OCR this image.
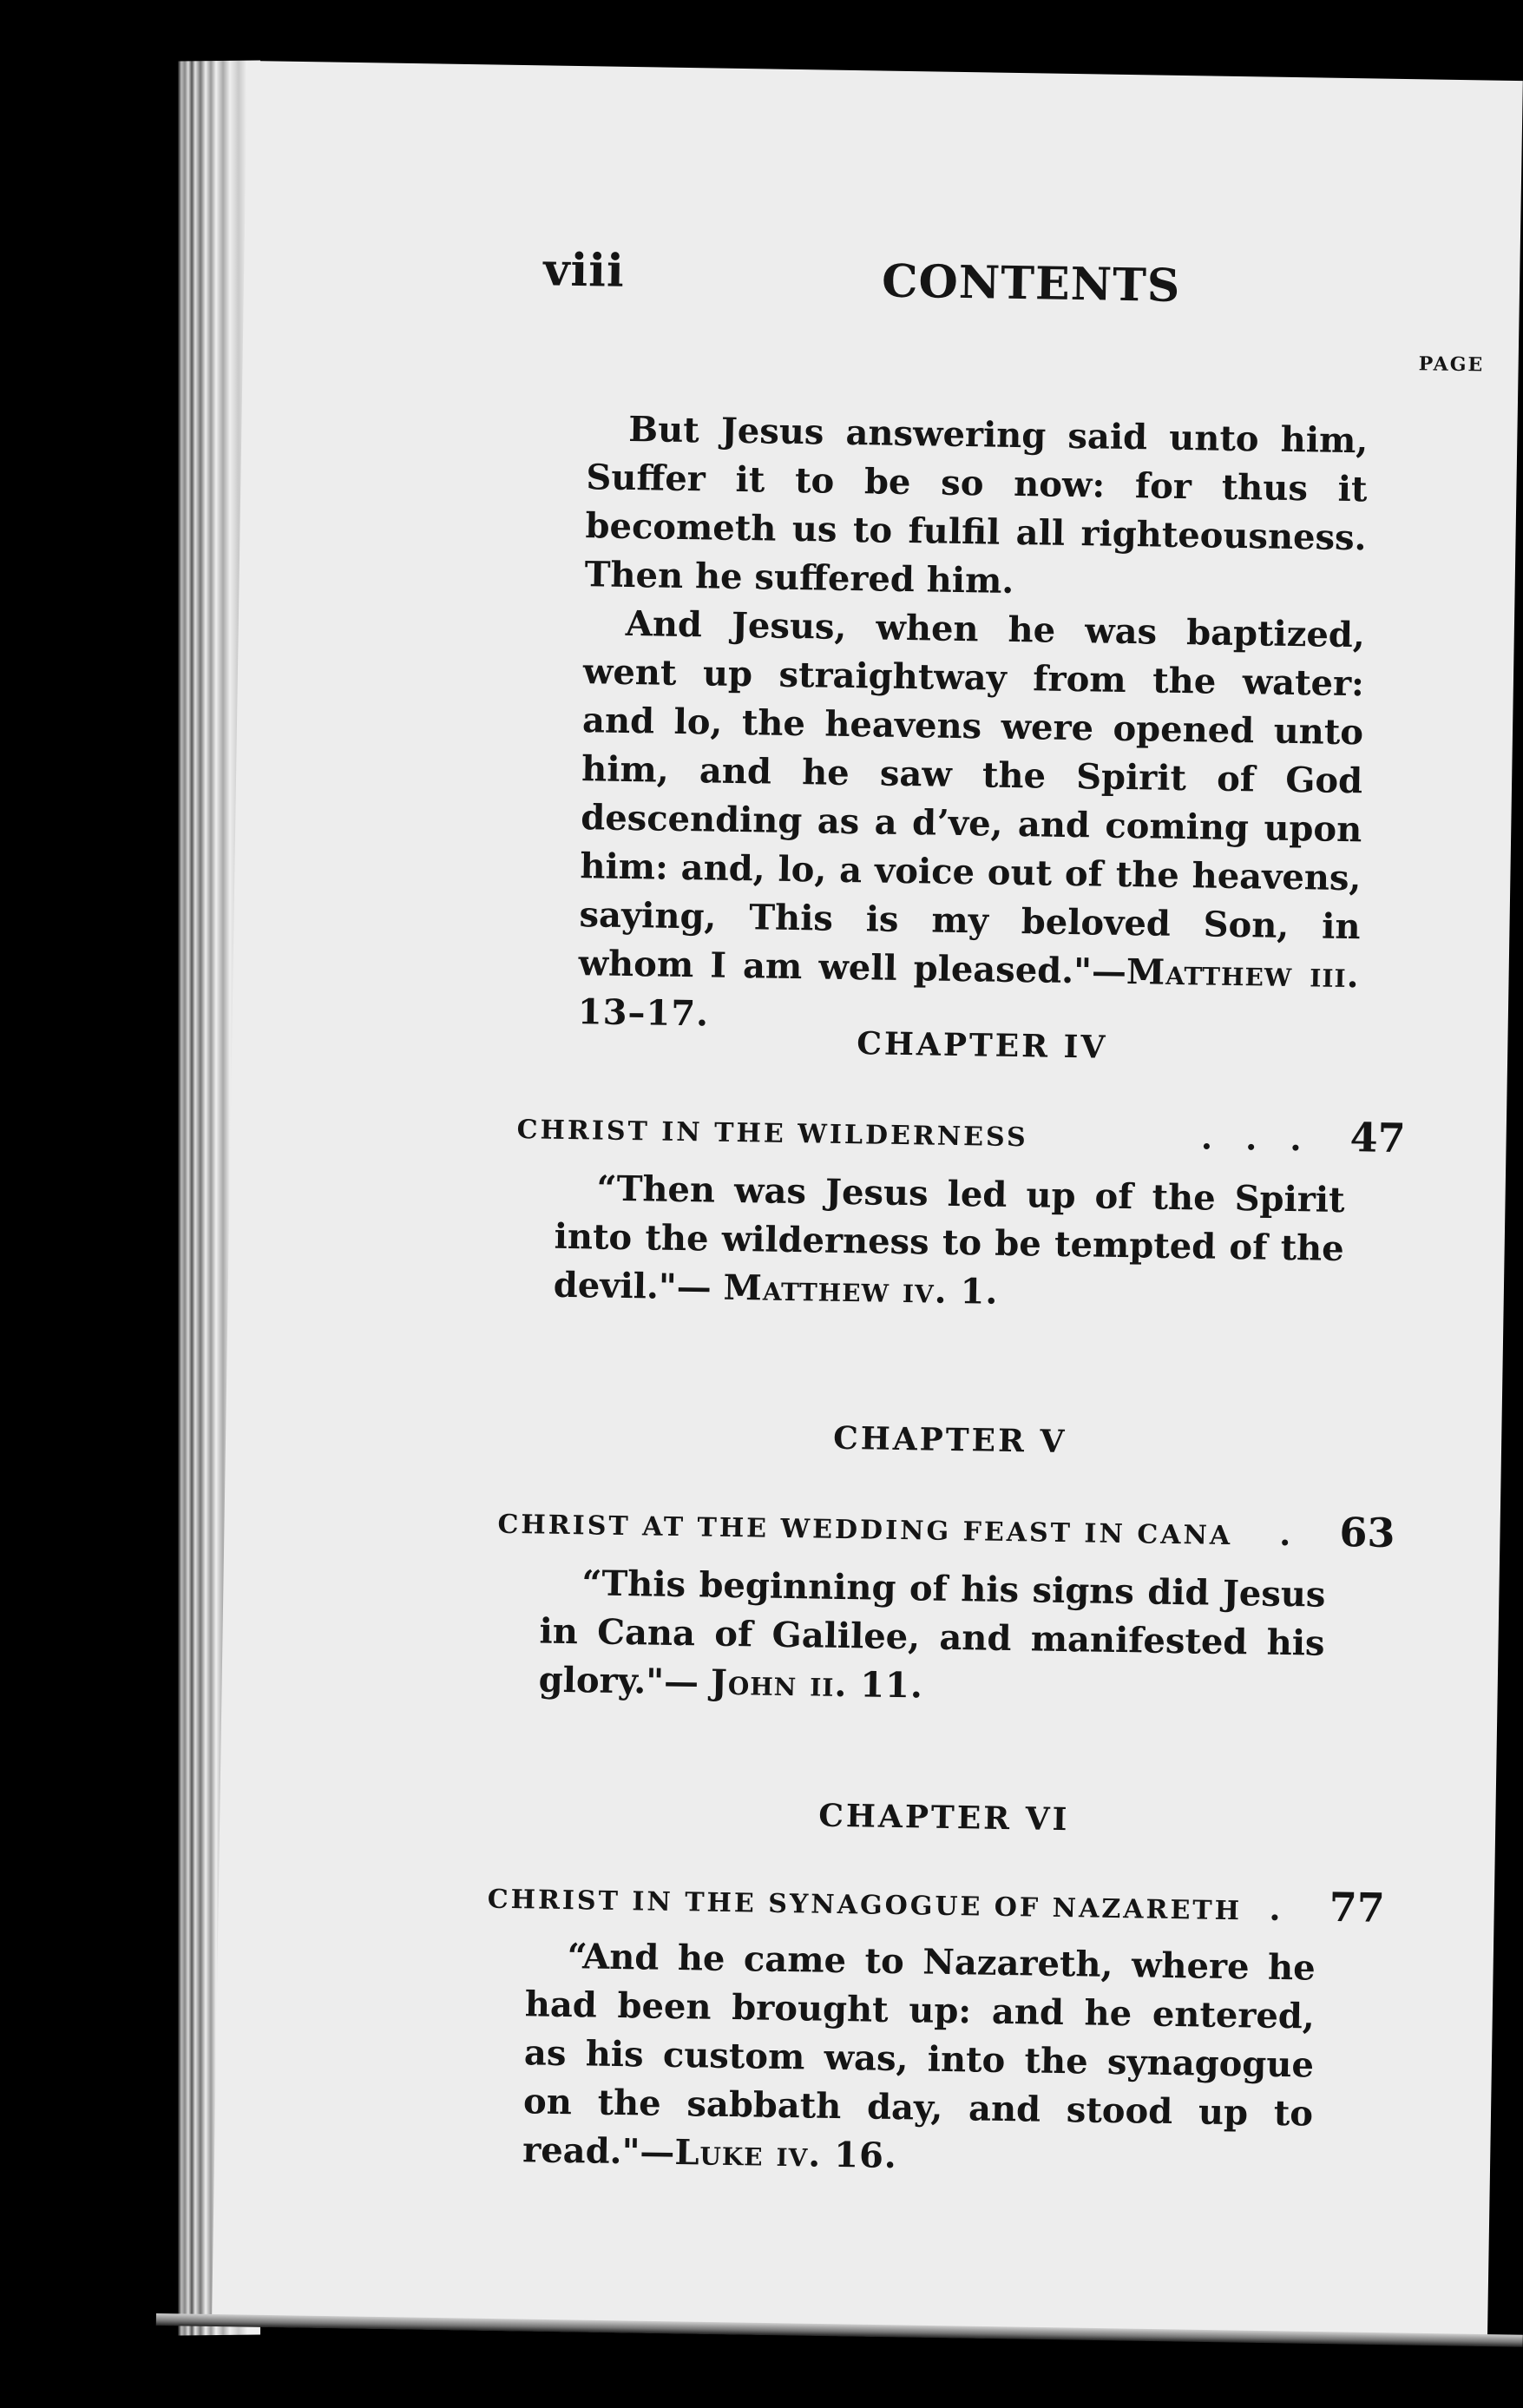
viii	CONTENTS
PAGE

But Jesus answering said unto him, Suffer it to be so now: for thus it becometh us to fulfil all righteousness. Then he suffered him.

And Jesus, when he was baptized, went up straightway from the water: and lo, the heavens were opened unto him, and he saw the Spirit of God descending as a dʼve, and coming upon him: and, lo, a voice out of the heavens, saying, This is my beloved Son, in whom I am well pleased."—Matthew iii. 13–17.

CHAPTER IV
CHRIST IN THE WILDERNESS	... 47

“Then was Jesus led up of the Spirit into the wilderness to be tempted of the devil."— Matthew iv. 1.

CHAPTER V
CHRIST AT THE WEDDING FEAST IN CANA	. 63

“This beginning of his signs did Jesus in Cana of Galilee, and manifested his glory."— John ii. 11.

CHAPTER VI
CHRIST IN THE SYNAGOGUE OF NAZARETH . 77

“And he came to Nazareth, where he had been brought up: and he entered, as his custom was, into the synagogue on the sabbath day, and stood up to read."—Luke iv. 16.
